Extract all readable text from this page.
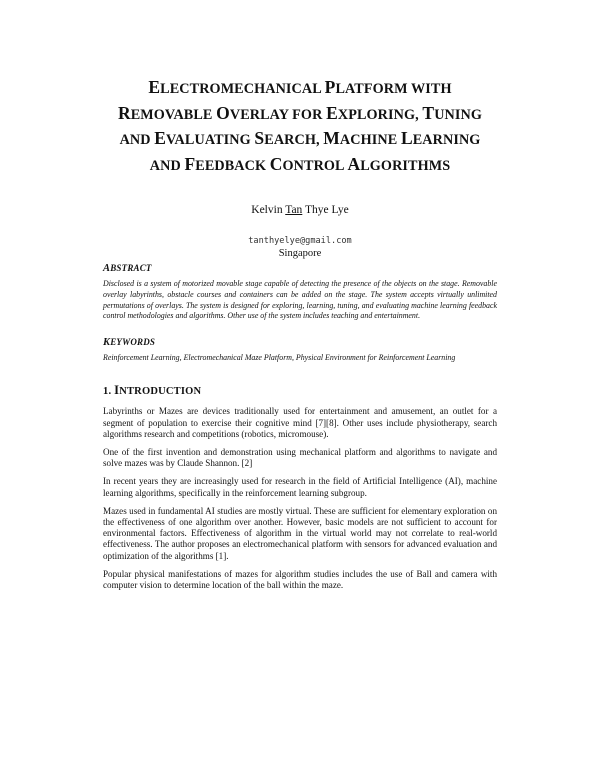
ELECTROMECHANICAL PLATFORM WITH
REMOVABLE OVERLAY FOR EXPLORING, TUNING
AND EVALUATING SEARCH, MACHINE LEARNING
AND FEEDBACK CONTROL ALGORITHMS

Kelvin Tan Thye Lye

tanthyelye@gmail.com

Singapore

ABSTRACT

Disclosed is a system of motorized movable stage capable of detecting the presence of the objects on the stage. Removable overlay labyrinths, obstacle courses and containers can be added on the stage. The system accepts virtually unlimited permutations of overlays. The system is designed for exploring, learning, tuning, and evaluating machine learning feedback control methodologies and algorithms. Other use of the system includes teaching and entertainment.

KEYWORDS

Reinforcement Learning, Electromechanical Maze Platform, Physical Environment for Reinforcement Learning

1. INTRODUCTION

Labyrinths or Mazes are devices traditionally used for entertainment and amusement, an outlet for a segment of population to exercise their cognitive mind [7][8]. Other uses include physiotherapy, search algorithms research and competitions (robotics, micromouse).

One of the first invention and demonstration using mechanical platform and algorithms to navigate and solve mazes was by Claude Shannon. [2]

In recent years they are increasingly used for research in the field of Artificial Intelligence (AI), machine learning algorithms, specifically in the reinforcement learning subgroup.

Mazes used in fundamental AI studies are mostly virtual. These are sufficient for elementary exploration on the effectiveness of one algorithm over another. However, basic models are not sufficient to account for environmental factors. Effectiveness of algorithm in the virtual world may not correlate to real-world effectiveness. The author proposes an electromechanical platform with sensors for advanced evaluation and optimization of the algorithms [1].

Popular physical manifestations of mazes for algorithm studies includes the use of Ball and camera with computer vision to determine location of the ball within the maze.
